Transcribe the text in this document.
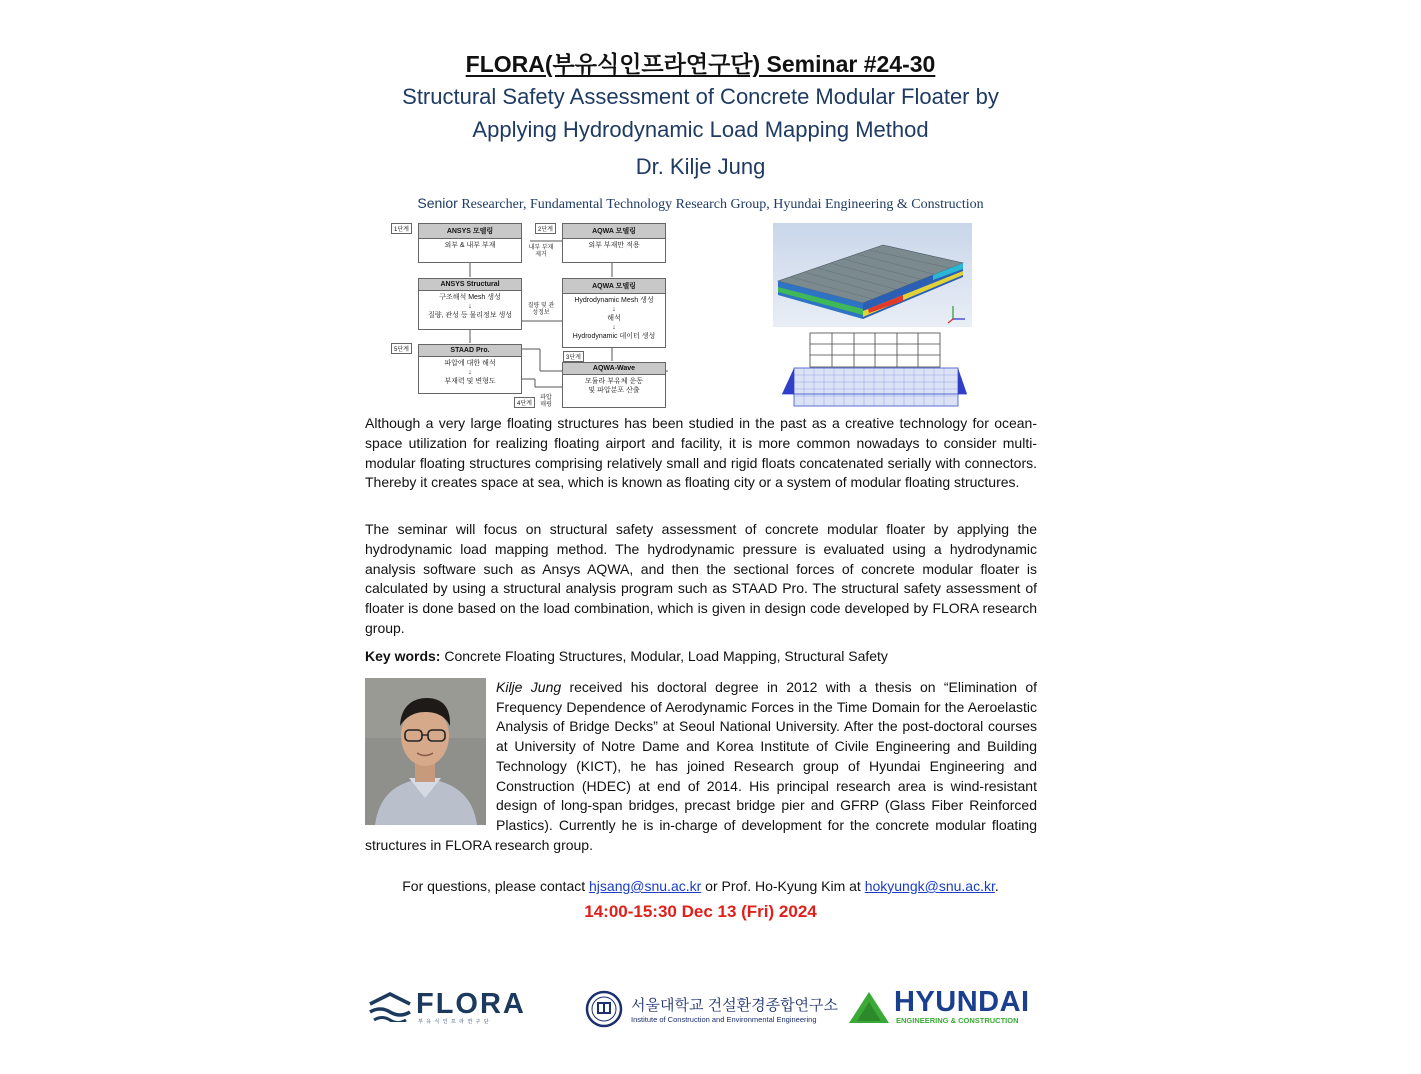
FLORA(부유식인프라연구단) Seminar #24-30
Structural Safety Assessment of Concrete Modular Floater by
Applying Hydrodynamic Load Mapping Method
Dr. Kilje Jung
Senior Researcher, Fundamental Technology Research Group, Hyundai Engineering & Construction
1단계	2단계
3단계
4단계
5단계
ANSYS 모델링
외부 & 내부 부재
AQWA 모델링
외부 부재만 적용
내부 부재 제거
ANSYS Structural
구조해석 Mesh 생성
↓
질량, 관성 등 물리정보 생성
AQWA 모델링
Hydrodynamic Mesh 생성
↓
해석
↓
Hydrodynamic 데이터 생성
질량 및 관성정보
STAAD Pro.
파압에 대한 해석
↓
부재력 및 변형도
AQWA-Wave
모듈라 부유체 운동
및 파압분포 산출
파압 매핑
Although a very large floating structures has been studied in the past as a creative technology for ocean-space utilization for realizing floating airport and facility, it is more common nowadays to consider multi-modular floating structures comprising relatively small and rigid floats concatenated serially with connectors. Thereby it creates space at sea, which is known as floating city or a system of modular floating structures.
The seminar will focus on structural safety assessment of concrete modular floater by applying the hydrodynamic load mapping method. The hydrodynamic pressure is evaluated using a hydrodynamic analysis software such as Ansys AQWA, and then the sectional forces of concrete modular floater is calculated by using a structural analysis program such as STAAD Pro. The structural safety assessment of floater is done based on the load combination, which is given in design code developed by FLORA research group.
Key words: Concrete Floating Structures, Modular, Load Mapping, Structural Safety
Kilje Jung received his doctoral degree in 2012 with a thesis on “Elimination of Frequency Dependence of Aerodynamic Forces in the Time Domain for the Aeroelastic Analysis of Bridge Decks” at Seoul National University. After the post-doctoral courses at University of Notre Dame and Korea Institute of Civile Engineering and Building Technology (KICT), he has joined Research group of Hyundai Engineering and Construction (HDEC) at end of 2014. His principal research area is wind-resistant design of long-span bridges, precast bridge pier and GFRP (Glass Fiber Reinforced Plastics). Currently he is in-charge of development for the concrete modular floating structures in FLORA research group.
For questions, please contact hjsang@snu.ac.kr or Prof. Ho-Kyung Kim at hokyungk@snu.ac.kr.
14:00-15:30 Dec 13 (Fri) 2024
FLORA
부 유 식 인 프 라 연 구 단
서울대학교 건설환경종합연구소
Institute of Construction and Environmental Engineering
HYUNDAI
ENGINEERING & CONSTRUCTION
